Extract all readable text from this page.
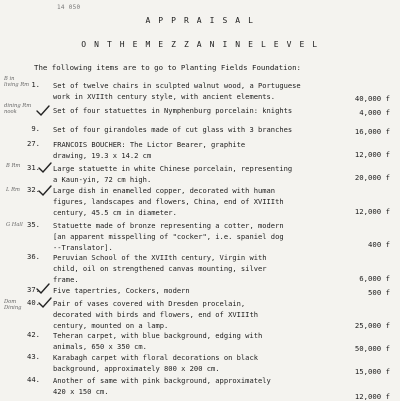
14 050
A P P R A I S A L
O N T H E M E Z Z A N I N E L E V E L
The following items are to go to Planting Fields Foundation:
1. Set of twelve chairs in sculpted walnut wood, a Portuguese
work in XVIIth century style, with ancient elements.	40,000 f
B in
living Rm
Set of four statuettes in Nymphenburg porcelain: knights	4,000 f
dining Rm
nook
9. Set of four girandoles made of cut glass with 3 branches	16,000 f
27. FRANCOIS BOUCHER: The Lictor Bearer, graphite
drawing, 19.3 x 14.2 cm	12,000 f
31. Large statuette in white Chinese porcelain, representing
a Kaun-yin, 72 cm high.	20,000 f
B Rm
32. Large dish in enamelled copper, decorated with human
figures, landscapes and flowers, China, end of XVIIIth
century, 45.5 cm in diameter.	12,000 f
L Rm
35. Statuette made of bronze representing a cotter, modern
[an apparent misspelling of "cocker", i.e. spaniel dog
--Translator].	400 f
G Hall
36. Peruvian School of the XVIIth century, Virgin with
child, oil on strengthened canvas mounting, silver
frame.	6,000 f
37. Five tapertries, Cockers, modern	500 f
40. Pair of vases covered with Dresden procelain,
decorated with birds and flowers, end of XVIIIth
century, mounted on a lamp.	25,000 f
Dom
Dining
42. Teheran carpet, with blue background, edging with
animals, 650 x 350 cm.	50,000 f
43. Karabagh carpet with floral decorations on black
background, approximately 800 x 200 cm.	15,000 f
44. Another of same with pink background, approximately
420 x 150 cm.
12,000 f
